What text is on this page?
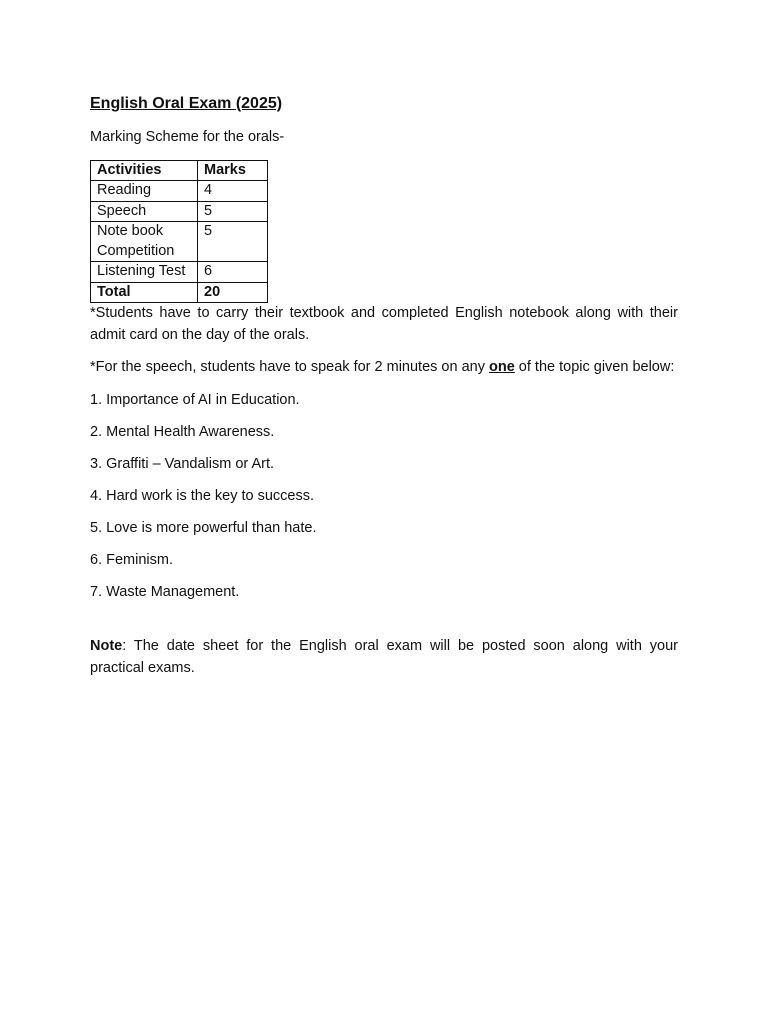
English Oral Exam (2025)
Marking Scheme for the orals-
Activities	Marks
Reading	4
Speech	5
Note book Competition	5
Listening Test	6
Total	20

*Students have to carry their textbook and completed English notebook along with their admit card on the day of the orals.

*For the speech, students have to speak for 2 minutes on any one of the topic given below:

1. Importance of AI in Education.
2. Mental Health Awareness.
3. Graffiti – Vandalism or Art.
4. Hard work is the key to success.
5. Love is more powerful than hate.
6. Feminism.
7. Waste Management.

Note: The date sheet for the English oral exam will be posted soon along with your practical exams.
